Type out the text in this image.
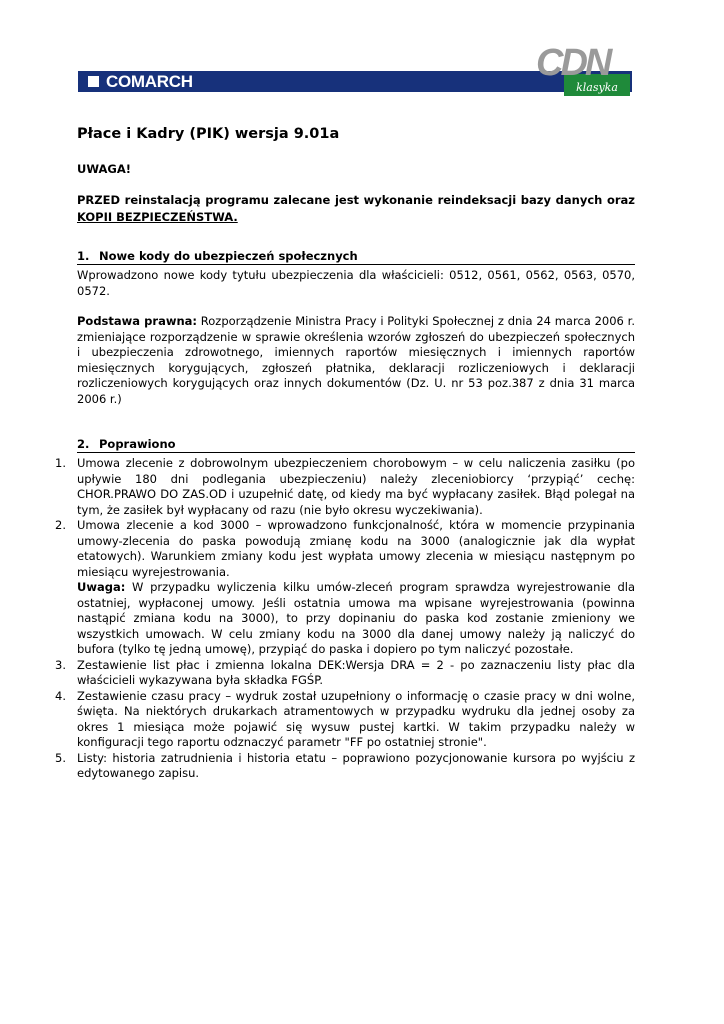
COMARCH	klasyka
CDN
Płace i Kadry (PIK) wersja 9.01a
UWAGA!

PRZED reinstalacją programu zalecane jest wykonanie reindeksacji bazy danych oraz KOPII BEZPIECZEŃSTWA.

1. Nowe kody do ubezpieczeń społecznych

Wprowadzono nowe kody tytułu ubezpieczenia dla właścicieli: 0512, 0561, 0562, 0563, 0570, 0572.

Podstawa prawna: Rozporządzenie Ministra Pracy i Polityki Społecznej z dnia 24 marca 2006 r. zmieniające rozporządzenie w sprawie określenia wzorów zgłoszeń do ubezpieczeń społecznych i ubezpieczenia zdrowotnego, imiennych raportów miesięcznych i imiennych raportów miesięcznych korygujących, zgłoszeń płatnika, deklaracji rozliczeniowych i deklaracji rozliczeniowych korygujących oraz innych dokumentów (Dz. U. nr 53 poz.387 z dnia 31 marca 2006 r.)

2. Poprawiono
1. Umowa zlecenie z dobrowolnym ubezpieczeniem chorobowym – w celu naliczenia zasiłku (po upływie 180 dni podlegania ubezpieczeniu) należy zleceniobiorcy ‘przypiąć’ cechę: CHOR.PRAWO DO ZAS.OD i uzupełnić datę, od kiedy ma być wypłacany zasiłek. Błąd polegał na tym, że zasiłek był wypłacany od razu (nie było okresu wyczekiwania).
2. Umowa zlecenie a kod 3000 – wprowadzono funkcjonalność, która w momencie przypinania umowy-zlecenia do paska powodują zmianę kodu na 3000 (analogicznie jak dla wypłat etatowych). Warunkiem zmiany kodu jest wypłata umowy zlecenia w miesiącu następnym po miesiącu wyrejestrowania.
Uwaga: W przypadku wyliczenia kilku umów-zleceń program sprawdza wyrejestrowanie dla ostatniej, wypłaconej umowy. Jeśli ostatnia umowa ma wpisane wyrejestrowania (powinna nastąpić zmiana kodu na 3000), to przy dopinaniu do paska kod zostanie zmieniony we wszystkich umowach. W celu zmiany kodu na 3000 dla danej umowy należy ją naliczyć do bufora (tylko tę jedną umowę), przypiąć do paska i dopiero po tym naliczyć pozostałe.
3. Zestawienie list płac i zmienna lokalna DEK:Wersja DRA = 2 - po zaznaczeniu listy płac dla właścicieli wykazywana była składka FGŚP.
4. Zestawienie czasu pracy – wydruk został uzupełniony o informację o czasie pracy w dni wolne, święta. Na niektórych drukarkach atramentowych w przypadku wydruku dla jednej osoby za okres 1 miesiąca może pojawić się wysuw pustej kartki. W takim przypadku należy w konfiguracji tego raportu odznaczyć parametr "FF po ostatniej stronie".
5. Listy: historia zatrudnienia i historia etatu – poprawiono pozycjonowanie kursora po wyjściu z edytowanego zapisu.
